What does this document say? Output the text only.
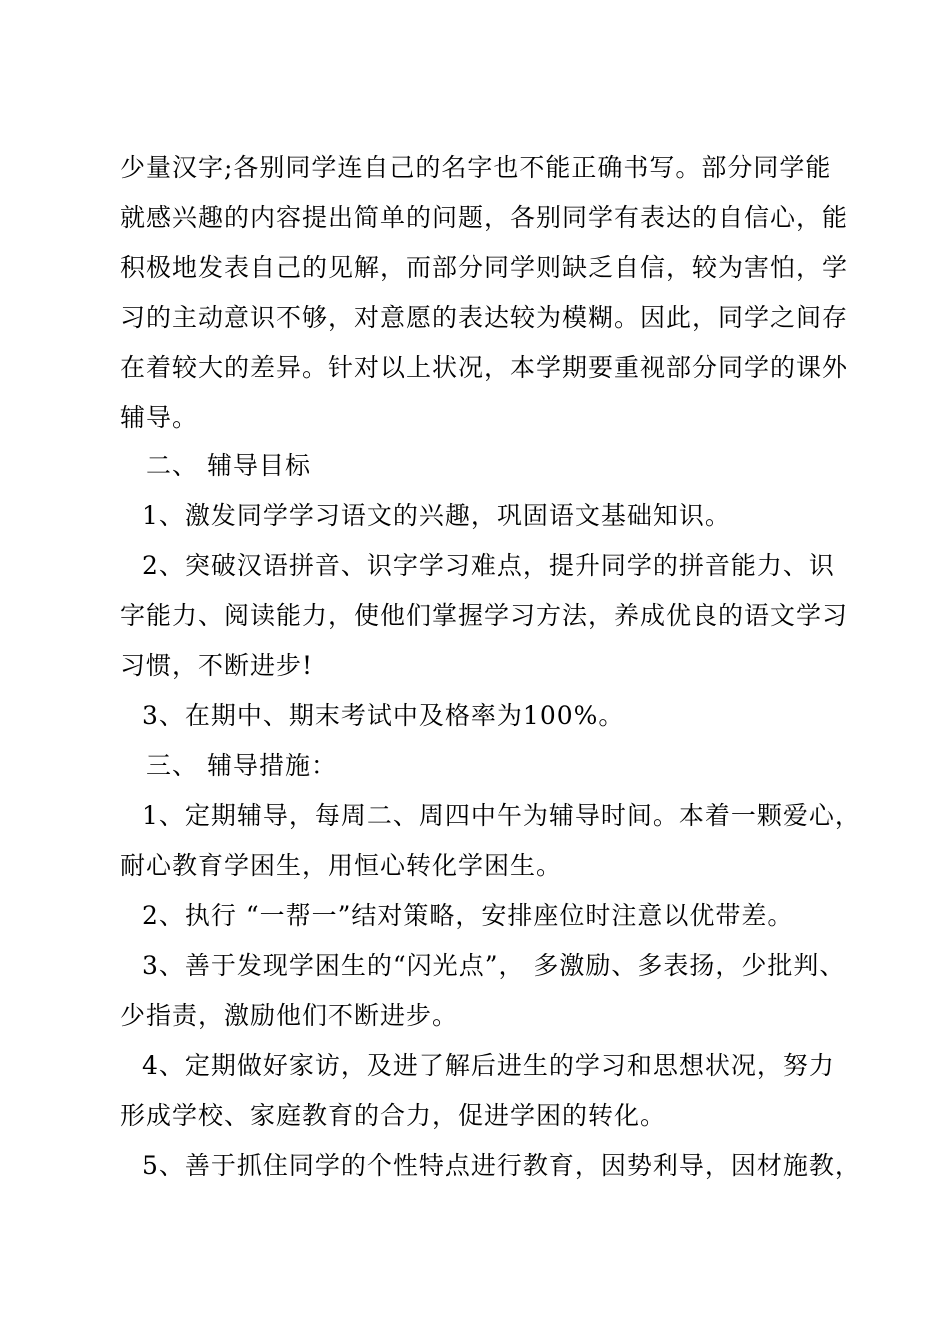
少量汉字;各别同学连自己的名字也不能正确书写。部分同学能
就感兴趣的内容提出简单的问题，各别同学有表达的自信心，能
积极地发表自己的见解，而部分同学则缺乏自信，较为害怕，学
习的主动意识不够，对意愿的表达较为模糊。因此，同学之间存
在着较大的差异。针对以上状况，本学期要重视部分同学的课外
辅导。
二、 辅导目标
1、激发同学学习语文的兴趣，巩固语文基础知识。
2、突破汉语拼音、识字学习难点，提升同学的拼音能力、识
字能力、阅读能力，使他们掌握学习方法，养成优良的语文学习
习惯，不断进步!
3、在期中、期末考试中及格率为100%。
三、 辅导措施：
1、定期辅导，每周二、周四中午为辅导时间。本着一颗爱心，
耐心教育学困生，用恒心转化学困生。
2、执行 “一帮一”结对策略，安排座位时注意以优带差。
3、善于发现学困生的“闪光点”， 多激励、多表扬，少批判、
少指责，激励他们不断进步。
4、定期做好家访，及进了解后进生的学习和思想状况，努力
形成学校、家庭教育的合力，促进学困的转化。
5、善于抓住同学的个性特点进行教育，因势利导，因材施教，
